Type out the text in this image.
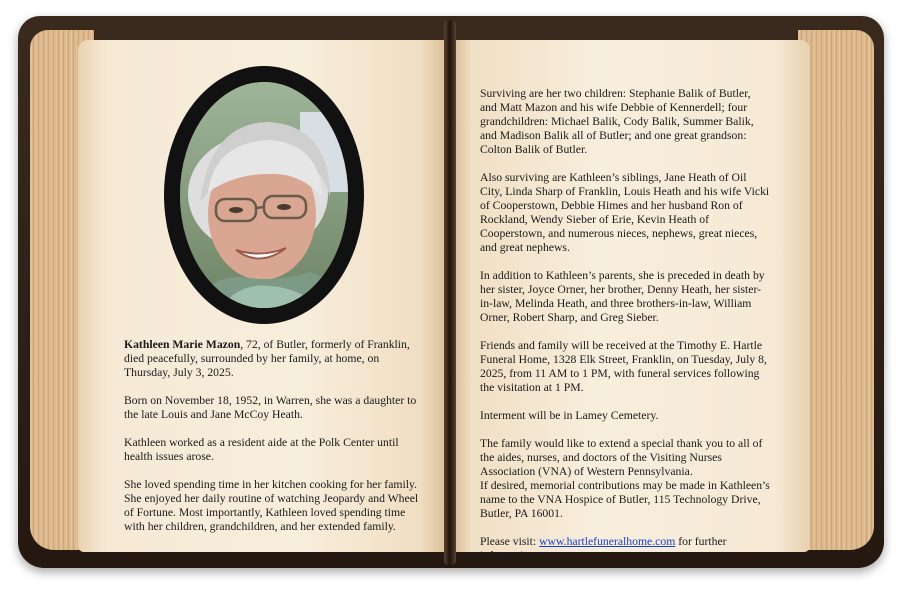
Kathleen Marie Mazon, 72, of Butler, formerly of Franklin, died peacefully, surrounded by her family, at home, on Thursday, July 3, 2025.

Born on November 18, 1952, in Warren, she was a daughter to the late Louis and Jane McCoy Heath.

Kathleen worked as a resident aide at the Polk Center until health issues arose.

She loved spending time in her kitchen cooking for her family. She enjoyed her daily routine of watching Jeopardy and Wheel of Fortune. Most importantly, Kathleen loved spending time with her children, grandchildren, and her extended family.

Surviving are her two children: Stephanie Balik of Butler, and Matt Mazon and his wife Debbie of Kennerdell; four grandchildren: Michael Balik, Cody Balik, Summer Balik, and Madison Balik all of Butler; and one great grandson: Colton Balik of Butler.

Also surviving are Kathleen’s siblings, Jane Heath of Oil City, Linda Sharp of Franklin, Louis Heath and his wife Vicki of Cooperstown, Debbie Himes and her husband Ron of Rockland, Wendy Sieber of Erie, Kevin Heath of Cooperstown, and numerous nieces, nephews, great nieces, and great nephews.

In addition to Kathleen’s parents, she is preceded in death by her sister, Joyce Orner, her brother, Denny Heath, her sister-in-law, Melinda Heath, and three brothers-in-law, William Orner, Robert Sharp, and Greg Sieber.

Friends and family will be received at the Timothy E. Hartle Funeral Home, 1328 Elk Street, Franklin, on Tuesday, July 8, 2025, from 11 AM to 1 PM, with funeral services following the visitation at 1 PM.

Interment will be in Lamey Cemetery.

The family would like to extend a special thank you to all of the aides, nurses, and doctors of the Visiting Nurses Association (VNA) of Western Pennsylvania.
If desired, memorial contributions may be made in Kathleen’s name to the VNA Hospice of Butler, 115 Technology Drive, Butler, PA 16001.

Please visit: www.hartlefuneralhome.com for further information.
